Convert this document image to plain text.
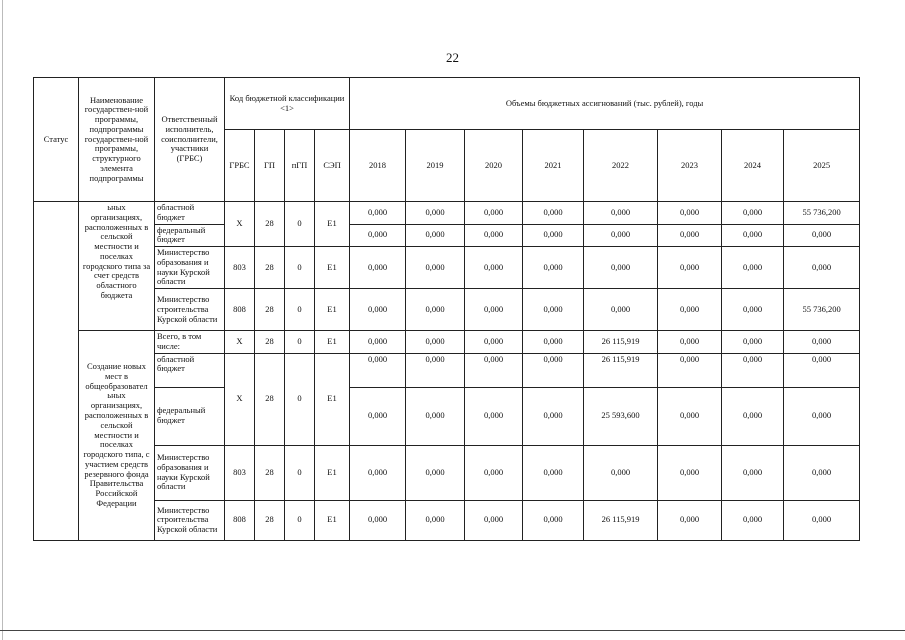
22
Статус	Наименование государствен-ной программы, подпрограммы государствен-ной программы, структурного элемента подпрограммы	Ответственный исполнитель, соисполнители, участники (ГРБС)	Код бюджетной классификации <1>				Объемы бюджетных ассигнований (тыс. рублей), годы							
			ГРБС	ГП	пГП	СЭП	2018	2019	2020	2021	2022	2023	2024	2025
	ьных организациях, расположенных в сельской местности и поселках городского типа за счет средств областного бюджета	областной бюджет	Х	28	0	Е1	0,000	0,000	0,000	0,000	0,000	0,000	0,000	55 736,200
		федеральный бюджет					0,000	0,000	0,000	0,000	0,000	0,000	0,000	0,000
		Министерство образования и науки Курской области	803	28	0	Е1	0,000	0,000	0,000	0,000	0,000	0,000	0,000	0,000
		Министерство строительства Курской области	808	28	0	Е1	0,000	0,000	0,000	0,000	0,000	0,000	0,000	55 736,200
	Создание новых мест в общеобразовател ьных организациях, расположенных в сельской местности и поселках городского типа, с участием средств резервного фонда Правительства Российской Федерации	Всего, в том числе:	Х	28	0	Е1	0,000	0,000	0,000	0,000	26 115,919	0,000	0,000	0,000
		областной бюджет	Х	28	0	Е1	0,000	0,000	0,000	0,000	26 115,919	0,000	0,000	0,000
		федеральный бюджет					0,000	0,000	0,000	0,000	25 593,600	0,000	0,000	0,000
		Министерство образования и науки Курской области	803	28	0	Е1	0,000	0,000	0,000	0,000	0,000	0,000	0,000	0,000
		Министерство строительства Курской области	808	28	0	Е1	0,000	0,000	0,000	0,000	26 115,919	0,000	0,000	0,000
